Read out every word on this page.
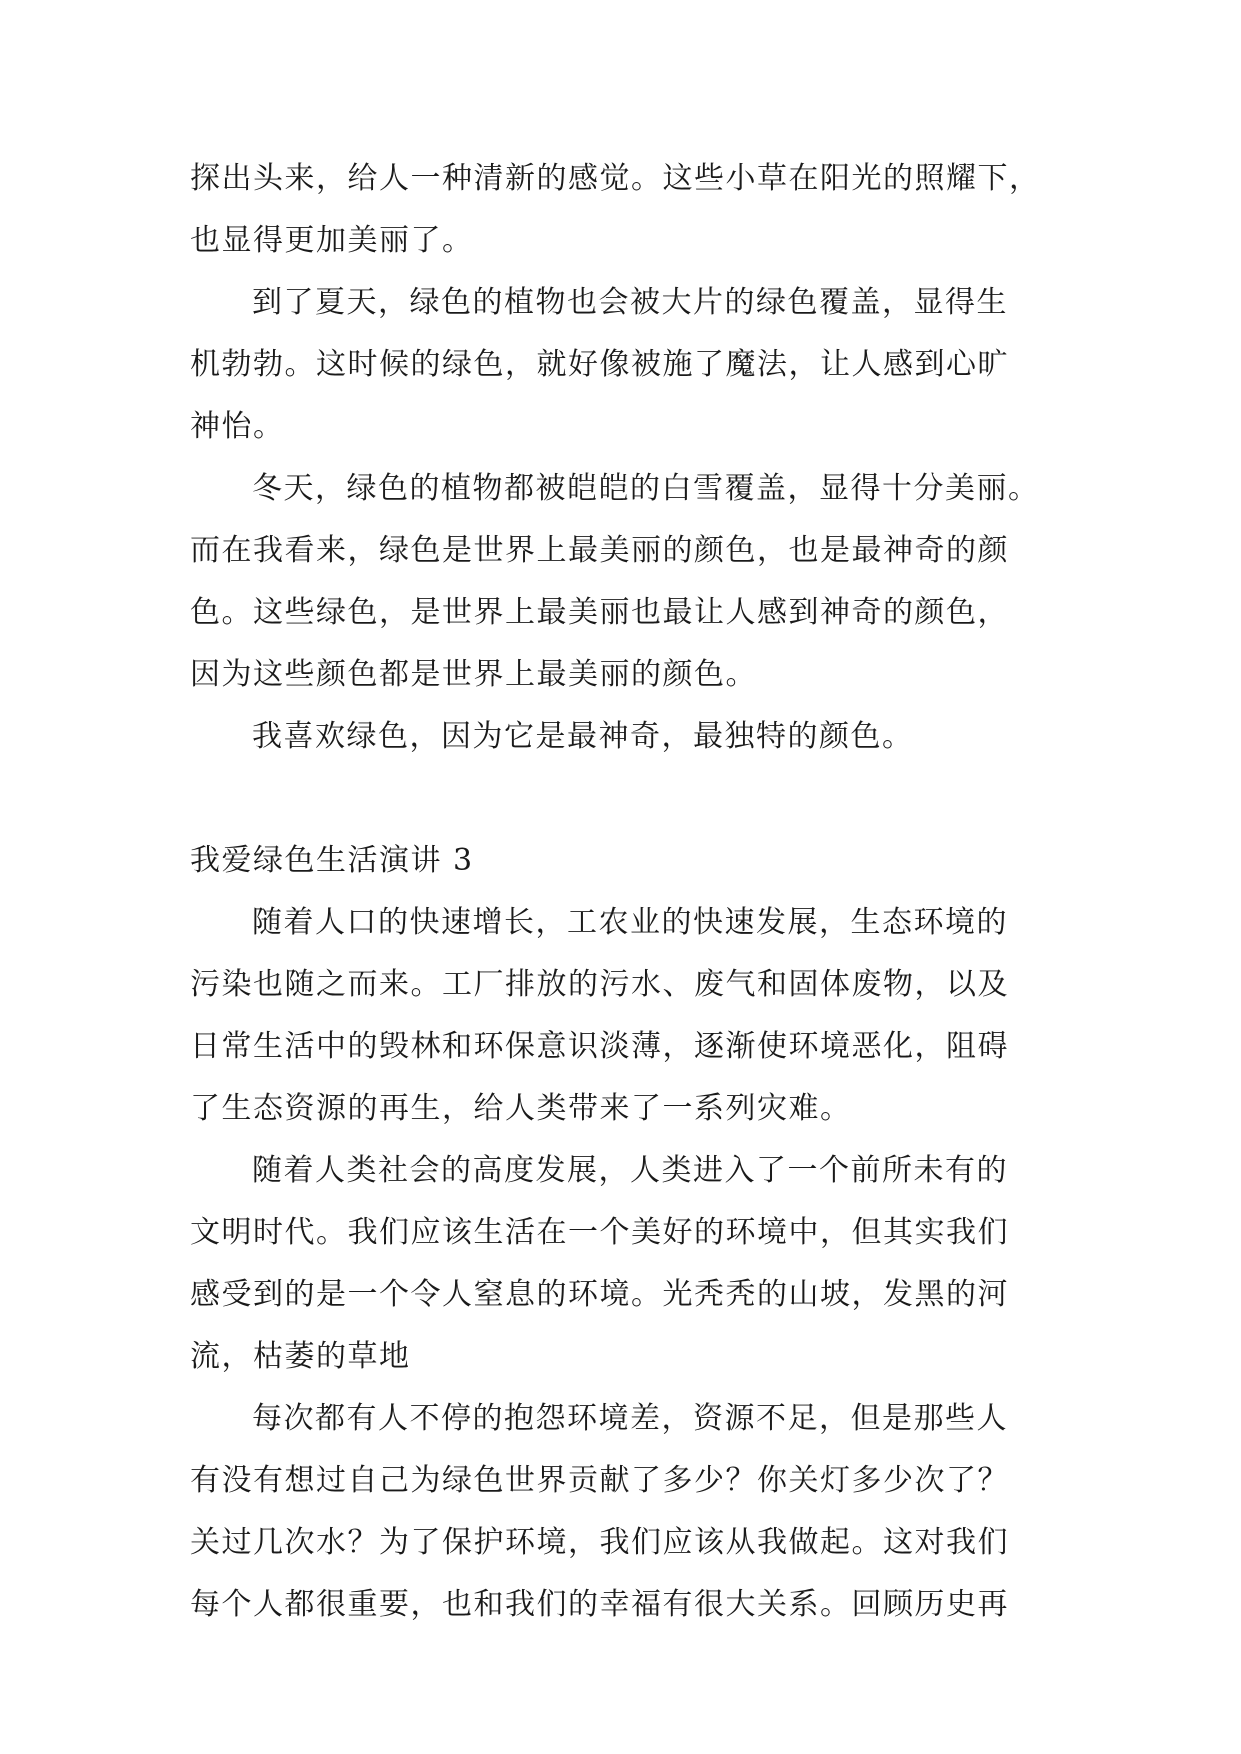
探出头来，给人一种清新的感觉。这些小草在阳光的照耀下，
也显得更加美丽了。
到了夏天，绿色的植物也会被大片的绿色覆盖，显得生
机勃勃。这时候的绿色，就好像被施了魔法，让人感到心旷
神怡。
冬天，绿色的植物都被皑皑的白雪覆盖，显得十分美丽。
而在我看来，绿色是世界上最美丽的颜色，也是最神奇的颜
色。这些绿色，是世界上最美丽也最让人感到神奇的颜色，
因为这些颜色都是世界上最美丽的颜色。
我喜欢绿色，因为它是最神奇，最独特的颜色。
我爱绿色生活演讲 3
随着人口的快速增长，工农业的快速发展，生态环境的
污染也随之而来。工厂排放的污水、废气和固体废物，以及
日常生活中的毁林和环保意识淡薄，逐渐使环境恶化，阻碍
了生态资源的再生，给人类带来了一系列灾难。
随着人类社会的高度发展，人类进入了一个前所未有的
文明时代。我们应该生活在一个美好的环境中，但其实我们
感受到的是一个令人窒息的环境。光秃秃的山坡，发黑的河
流，枯萎的草地
每次都有人不停的抱怨环境差，资源不足，但是那些人
有没有想过自己为绿色世界贡献了多少？你关灯多少次了？
关过几次水？为了保护环境，我们应该从我做起。这对我们
每个人都很重要，也和我们的幸福有很大关系。回顾历史再
